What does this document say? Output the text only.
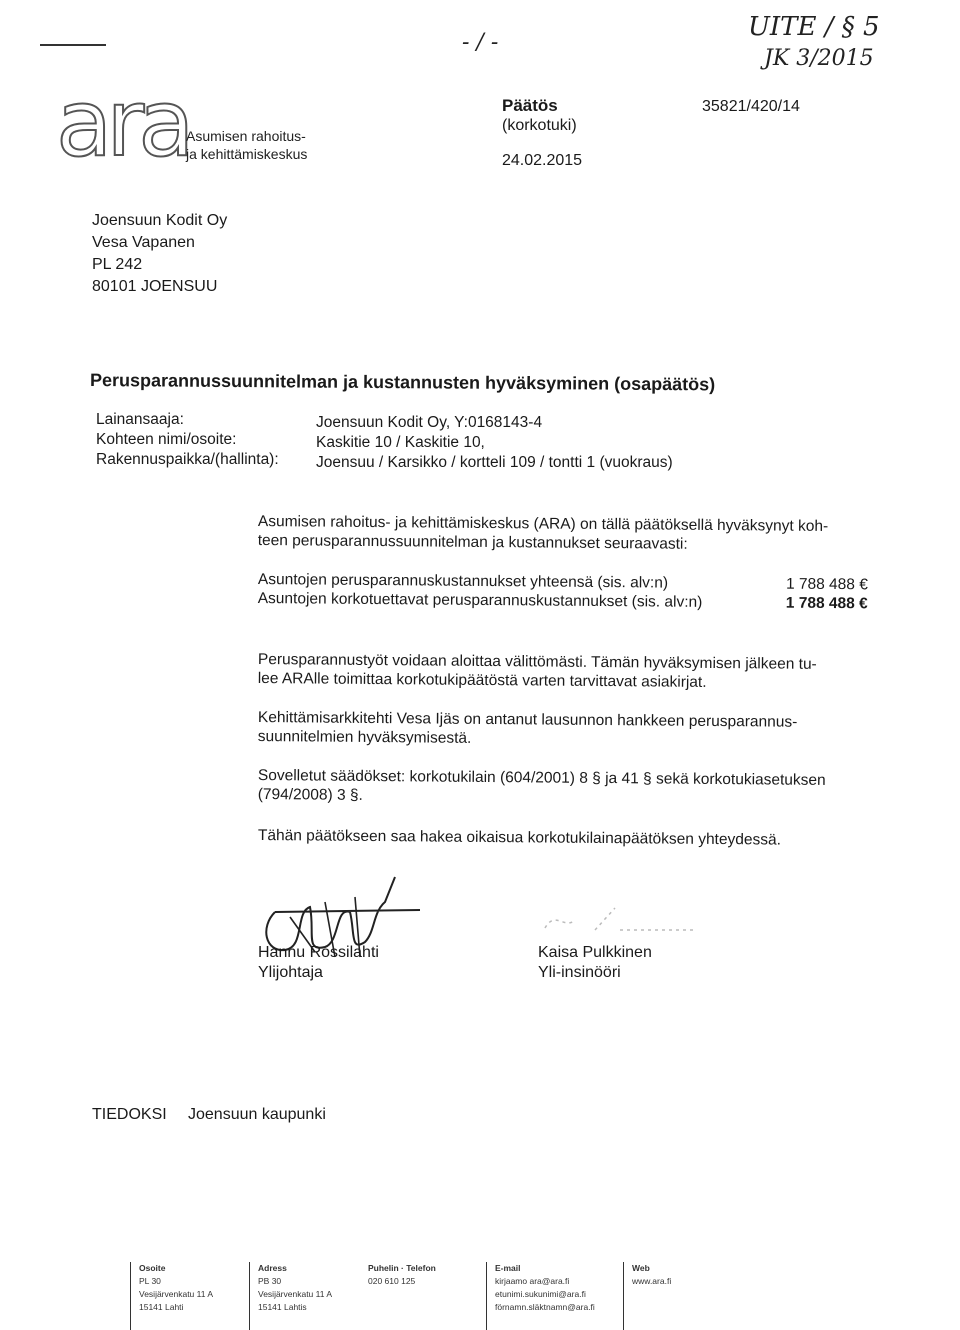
- / -
UITE / § 5
JK 3/2015
ara
Asumisen rahoitus-
ja kehittämiskeskus
Päätös
(korkotuki)
24.02.2015
35821/420/14
Joensuun Kodit Oy
Vesa Vapanen
PL 242
80101 JOENSUU
Perusparannussuunnitelman ja kustannusten hyväksyminen (osapäätös)
Lainansaaja:
Kohteen nimi/osoite:
Rakennuspaikka/(hallinta):
Joensuun Kodit Oy, Y:0168143-4
Kaskitie 10 / Kaskitie 10,
Joensuu / Karsikko / kortteli 109 / tontti 1 (vuokraus)
Asumisen rahoitus- ja kehittämiskeskus (ARA) on tällä päätöksellä hyväksynyt koh-
teen perusparannussuunnitelman ja kustannukset seuraavasti:
Asuntojen perusparannuskustannukset yhteensä (sis. alv:n)	1 788 488 €
Asuntojen korkotuettavat perusparannuskustannukset (sis. alv:n)	1 788 488 €
Perusparannustyöt voidaan aloittaa välittömästi. Tämän hyväksymisen jälkeen tu-
lee ARAlle toimittaa korkotukipäätöstä varten tarvittavat asiakirjat.
Kehittämisarkkitehti Vesa Ijäs on antanut lausunnon hankkeen perusparannus-
suunnitelmien hyväksymisestä.
Sovelletut säädökset: korkotukilain (604/2001) 8 § ja 41 § sekä korkotukiasetuksen
(794/2008) 3 §.
Tähän päätökseen saa hakea oikaisua korkotukilainapäätöksen yhteydessä.
Hannu Rossilahti
Ylijohtaja
Kaisa Pulkkinen
Yli-insinööri
TIEDOKSI Joensuun kaupunki
Osoite
PL 30
Vesijärvenkatu 11 A
15141 Lahti
Adress
PB 30
Vesijärvenkatu 11 A
15141 Lahtis
Puhelin · Telefon
020 610 125
E-mail
kirjaamo ara@ara.fi
etunimi.sukunimi@ara.fi
förnamn.släktnamn@ara.fi
Web
www.ara.fi
